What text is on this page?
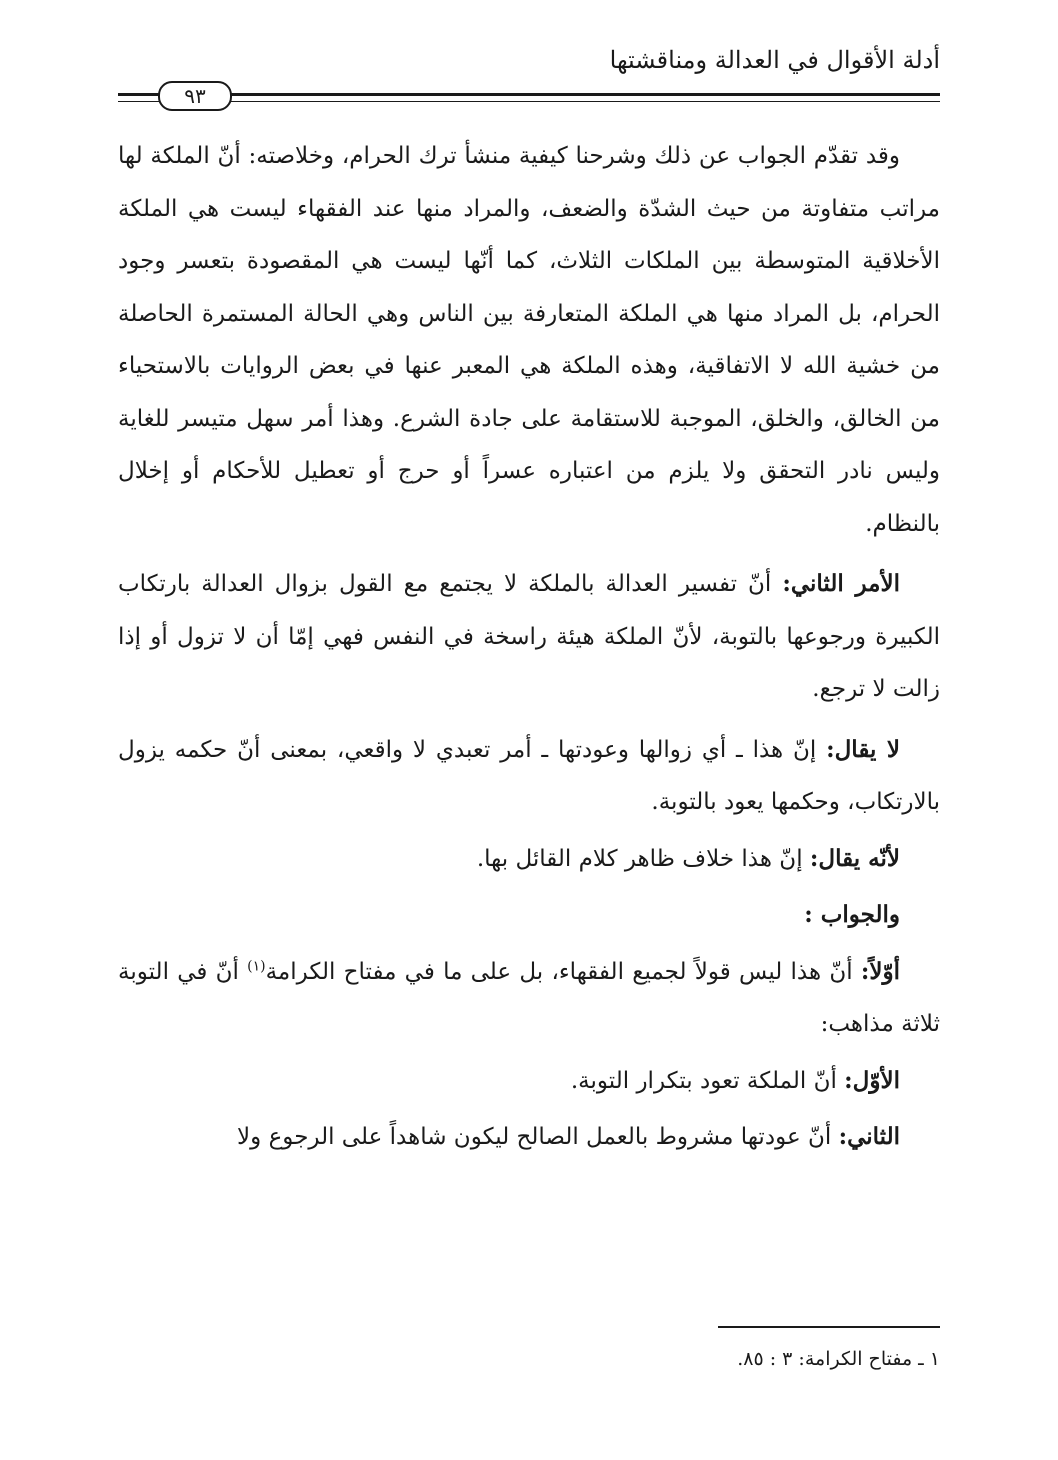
أدلة الأقوال في العدالة ومناقشتها
٩٣

وقد تقدّم الجواب عن ذلك وشرحنا كيفية منشأ ترك الحرام، وخلاصته: أنّ الملكة لها مراتب متفاوتة من حيث الشدّة والضعف، والمراد منها عند الفقهاء ليست هي الملكة الأخلاقية المتوسطة بين الملكات الثلاث، كما أنّها ليست هي المقصودة بتعسر وجود الحرام، بل المراد منها هي الملكة المتعارفة بين الناس وهي الحالة المستمرة الحاصلة من خشية الله لا الاتفاقية، وهذه الملكة هي المعبر عنها في بعض الروايات بالاستحياء من الخالق، والخلق، الموجبة للاستقامة على جادة الشرع. وهذا أمر سهل متيسر للغاية وليس نادر التحقق ولا يلزم من اعتباره عسراً أو حرج أو تعطيل للأحكام أو إخلال بالنظام.

الأمر الثاني: أنّ تفسير العدالة بالملكة لا يجتمع مع القول بزوال العدالة بارتكاب الكبيرة ورجوعها بالتوبة، لأنّ الملكة هيئة راسخة في النفس فهي إمّا أن لا تزول أو إذا زالت لا ترجع.

لا يقال: إنّ هذا ـ أي زوالها وعودتها ـ أمر تعبدي لا واقعي، بمعنى أنّ حكمه يزول بالارتكاب، وحكمها يعود بالتوبة.

لأنّه يقال: إنّ هذا خلاف ظاهر كلام القائل بها.

والجواب :

أوّلاً: أنّ هذا ليس قولاً لجميع الفقهاء، بل على ما في مفتاح الكرامة$^{(١)}$ أنّ في التوبة ثلاثة مذاهب:

الأوّل: أنّ الملكة تعود بتكرار التوبة.

الثاني: أنّ عودتها مشروط بالعمل الصالح ليكون شاهداً على الرجوع ولا

١ ـ مفتاح الكرامة: ٣ : ٨٥.
